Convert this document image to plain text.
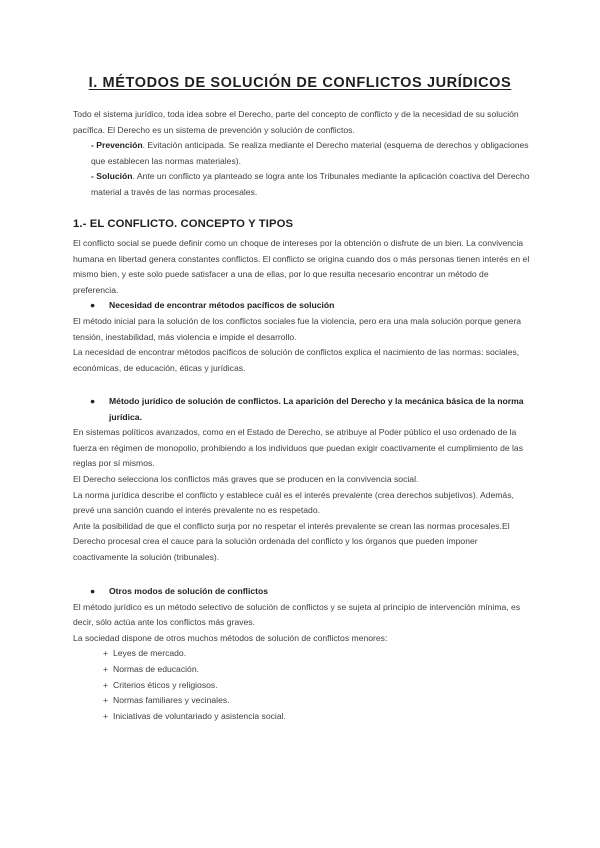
I. MÉTODOS DE SOLUCIÓN DE CONFLICTOS JURÍDICOS

Todo el sistema jurídico, toda idea sobre el Derecho, parte del concepto de conflicto y de la necesidad de su solución pacífica. El Derecho es un sistema de prevención y solución de conflictos.

- Prevención. Evitación anticipada. Se realiza mediante el Derecho material (esquema de derechos y obligaciones que establecen las normas materiales).

- Solución. Ante un conflicto ya planteado se logra ante los Tribunales mediante la aplicación coactiva del Derecho material a través de las normas procesales.

1.- EL CONFLICTO. CONCEPTO Y TIPOS

El conflicto social se puede definir como un choque de intereses por la obtención o disfrute de un bien. La convivencia humana en libertad genera constantes conflictos. El conflicto se origina cuando dos o más personas tienen interés en el mismo bien, y este solo puede satisfacer a una de ellas, por lo que resulta necesario encontrar un método de preferencia.

● Necesidad de encontrar métodos pacíficos de solución

El método inicial para la solución de los conflictos sociales fue la violencia, pero era una mala solución porque genera tensión, inestabilidad, más violencia e impide el desarrollo.

La necesidad de encontrar métodos pacíficos de solución de conflictos explica el nacimiento de las normas: sociales, económicas, de educación, éticas y jurídicas.

● Método jurídico de solución de conflictos. La aparición del Derecho y la mecánica básica de la norma jurídica.

En sistemas políticos avanzados, como en el Estado de Derecho, se atribuye al Poder público el uso ordenado de la fuerza en régimen de monopolio, prohibiendo a los individuos que puedan exigir coactivamente el cumplimiento de las reglas por sí mismos.

El Derecho selecciona los conflictos más graves que se producen en la convivencia social.

La norma jurídica describe el conflicto y establece cuál es el interés prevalente (crea derechos subjetivos). Además, prevé una sanción cuando el interés prevalente no es respetado.

Ante la posibilidad de que el conflicto surja por no respetar el interés prevalente se crean las normas procesales.El Derecho procesal crea el cauce para la solución ordenada del conflicto y los órganos que pueden imponer coactivamente la solución (tribunales).

● Otros modos de solución de conflictos

El método jurídico es un método selectivo de solución de conflictos y se sujeta al principio de intervención mínima, es decir, sólo actúa ante los conflictos más graves.

La sociedad dispone de otros muchos métodos de solución de conflictos menores:

+ Leyes de mercado.
+ Normas de educación.
+ Criterios éticos y religiosos.
+ Normas familiares y vecinales.
+ Iniciativas de voluntariado y asistencia social.
